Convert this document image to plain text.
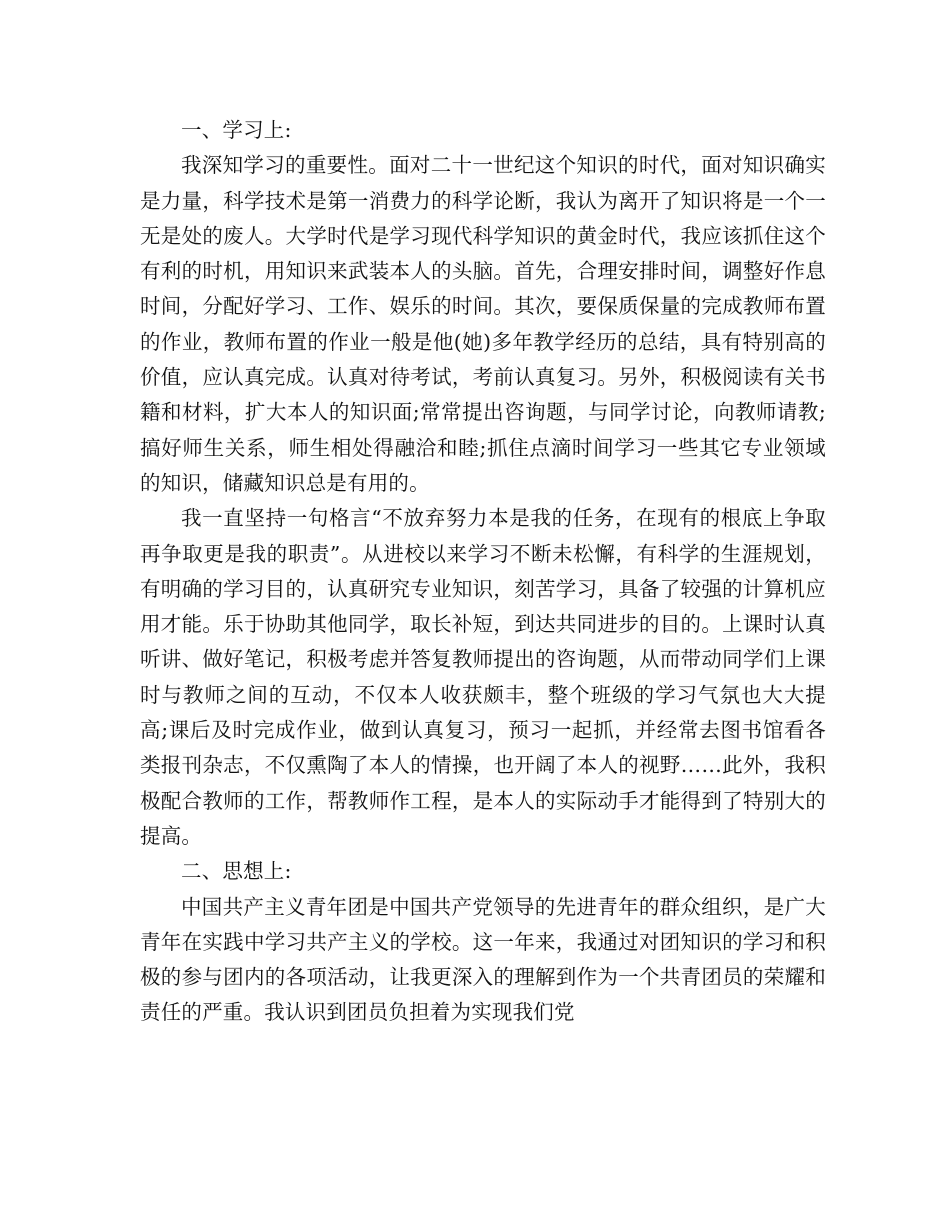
一、学习上:

我深知学习的重要性。面对二十一世纪这个知识的时代，面对知识确实是力量，科学技术是第一消费力的科学论断，我认为离开了知识将是一个一无是处的废人。大学时代是学习现代科学知识的黄金时代，我应该抓住这个有利的时机，用知识来武装本人的头脑。首先，合理安排时间，调整好作息时间，分配好学习、工作、娱乐的时间。其次，要保质保量的完成教师布置的作业，教师布置的作业一般是他(她)多年教学经历的总结，具有特别高的价值，应认真完成。认真对待考试，考前认真复习。另外，积极阅读有关书籍和材料，扩大本人的知识面;常常提出咨询题，与同学讨论，向教师请教;搞好师生关系，师生相处得融洽和睦;抓住点滴时间学习一些其它专业领域的知识，储藏知识总是有用的。

我一直坚持一句格言“不放弃努力本是我的任务，在现有的根底上争取再争取更是我的职责”。从进校以来学习不断未松懈，有科学的生涯规划，有明确的学习目的，认真研究专业知识，刻苦学习，具备了较强的计算机应用才能。乐于协助其他同学，取长补短，到达共同进步的目的。上课时认真听讲、做好笔记，积极考虑并答复教师提出的咨询题，从而带动同学们上课时与教师之间的互动，不仅本人收获颇丰，整个班级的学习气氛也大大提高;课后及时完成作业，做到认真复习，预习一起抓，并经常去图书馆看各类报刊杂志，不仅熏陶了本人的情操，也开阔了本人的视野……此外，我积极配合教师的工作，帮教师作工程，是本人的实际动手才能得到了特别大的提高。

二、思想上:

中国共产主义青年团是中国共产党领导的先进青年的群众组织，是广大青年在实践中学习共产主义的学校。这一年来，我通过对团知识的学习和积极的参与团内的各项活动，让我更深入的理解到作为一个共青团员的荣耀和责任的严重。我认识到团员负担着为实现我们党
